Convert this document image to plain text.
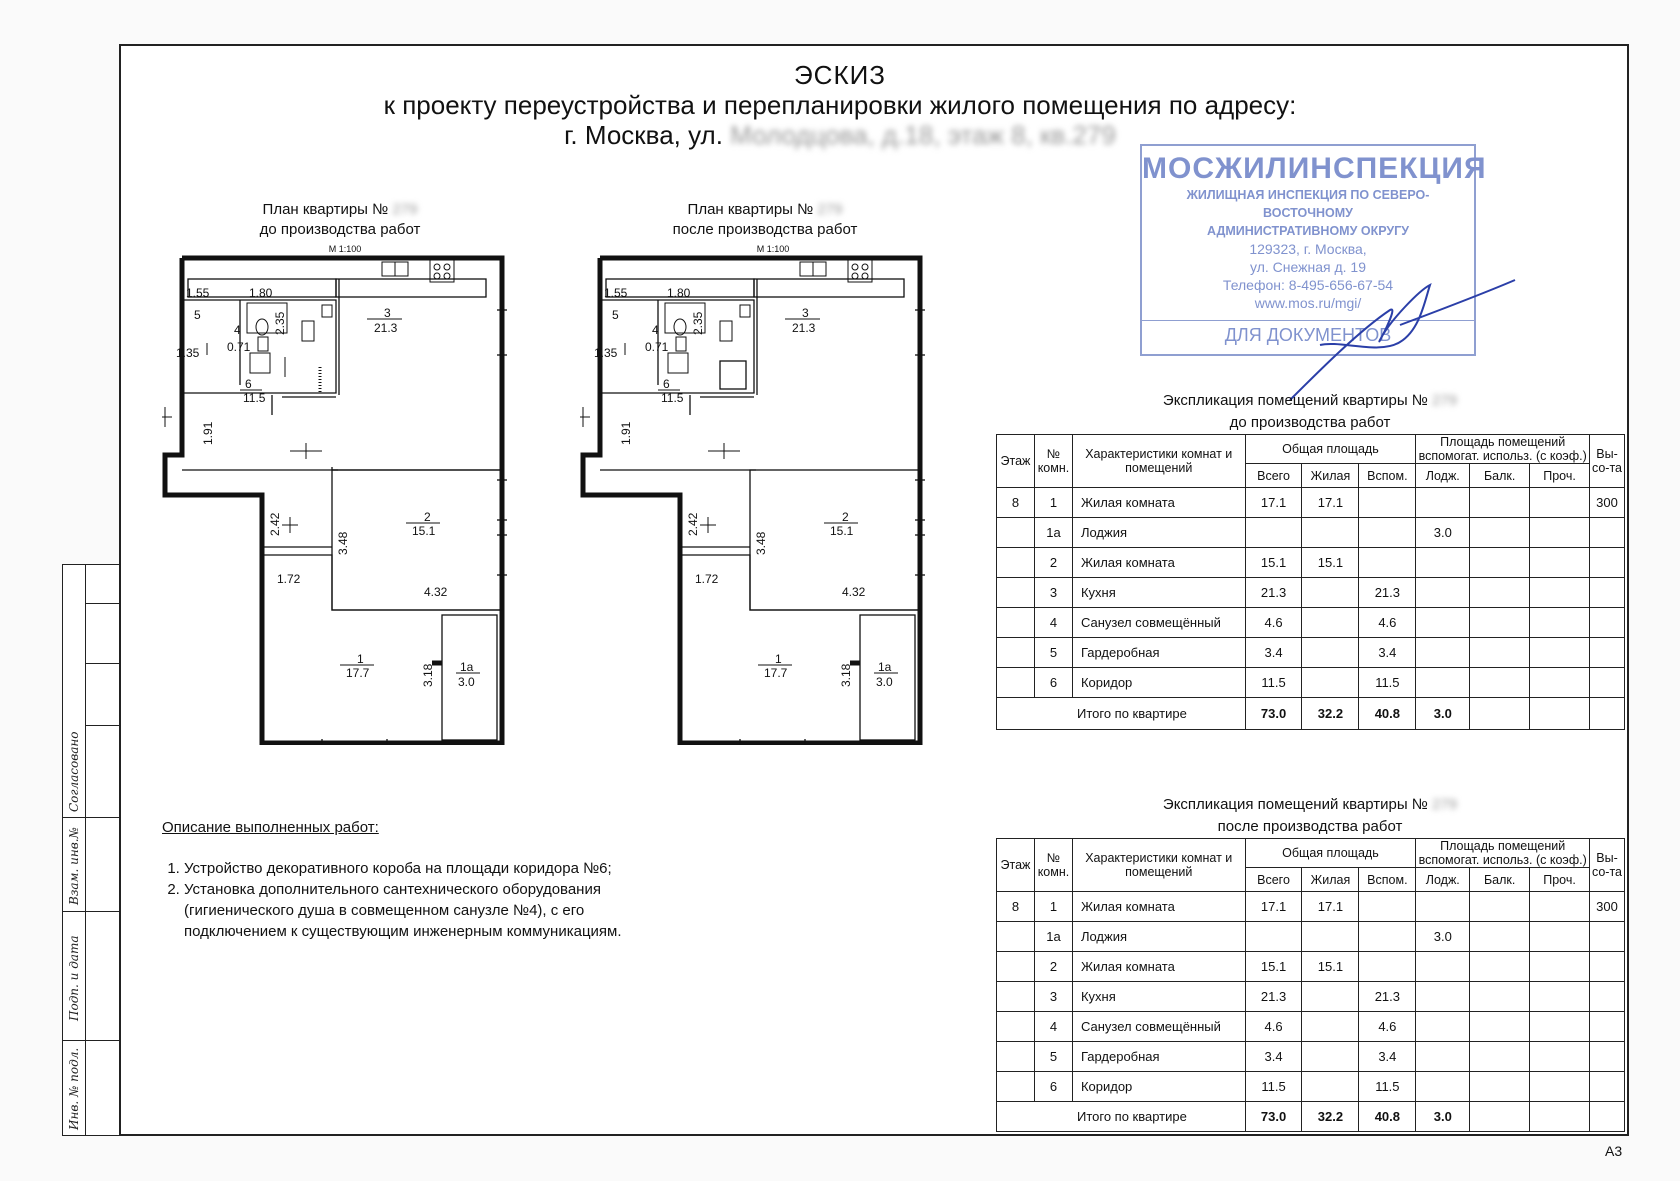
Согласовано
Взам. инв.№
Подп. и дата
Инв. № подл.
ЭСКИЗ
к проекту переустройства и перепланировки жилого помещения по адресу:
г. Москва, ул. Молодцова, д.18, этаж 8, кв.279
План квартиры № 279
до производства работ
М 1:100
План квартиры № 279
после производства работ
М 1:100
1.55	1.80
5
4	2.35
1.35 0.71
3
21.3
6
11.5
1.91
2.42	2
15.1
3.48
1.72
4.32
1
17.7	3.18 1а
3.0
1.55	1.80
5
4	2.35
1.35 0.71
3
21.3
6
11.5
1.91
2.42	2
15.1
3.48
1.72
4.32
1
17.7	3.18 1а
3.0
Описание выполненных работ:
1. Устройство декоративного короба на площади коридора №6;
2. Установка дополнительного сантехнического оборудования (гигиенического душа в совмещенном санузле №4), с его подключением к существующим инженерным коммуникациям.
МОСЖИЛИНСПЕКЦИЯ
ЖИЛИЩНАЯ ИНСПЕКЦИЯ ПО СЕВЕРО-ВОСТОЧНОМУ
АДМИНИСТРАТИВНОМУ ОКРУГУ
129323, г. Москва,
ул. Снежная д. 19
Телефон: 8-495-656-67-54
www.mos.ru/mgi/
ДЛЯ ДОКУМЕНТОВ
Экспликация помещений квартиры № 279
до производства работ
Экспликация помещений квартиры № 279
после производства работ
Этаж	№ комн.	Характеристики комнат и помещений	Общая площадь			Площадь помещений вспомогат. использ. (с коэф.)			Вы-со-та
			Всего	Жилая	Вспом.	Лодж.	Балк.	Проч.	
8	1	Жилая комната	17.1	17.1					300
	1а	Лоджия				3.0			
	2	Жилая комната	15.1	15.1					
	3	Кухня	21.3		21.3				
	4	Санузел совмещённый	4.6		4.6				
	5	Гардеробная	3.4		3.4				
	6	Коридор	11.5		11.5				
Итого по квартире			73.0	32.2	40.8	3.0			
Этаж	№ комн.	Характеристики комнат и помещений	Общая площадь			Площадь помещений вспомогат. использ. (с коэф.)			Вы-со-та
			Всего	Жилая	Вспом.	Лодж.	Балк.	Проч.	
8	1	Жилая комната	17.1	17.1					300
	1а	Лоджия				3.0			
	2	Жилая комната	15.1	15.1					
	3	Кухня	21.3		21.3				
	4	Санузел совмещённый	4.6		4.6				
	5	Гардеробная	3.4		3.4				
	6	Коридор	11.5		11.5				
Итого по квартире			73.0	32.2	40.8	3.0			
А3
